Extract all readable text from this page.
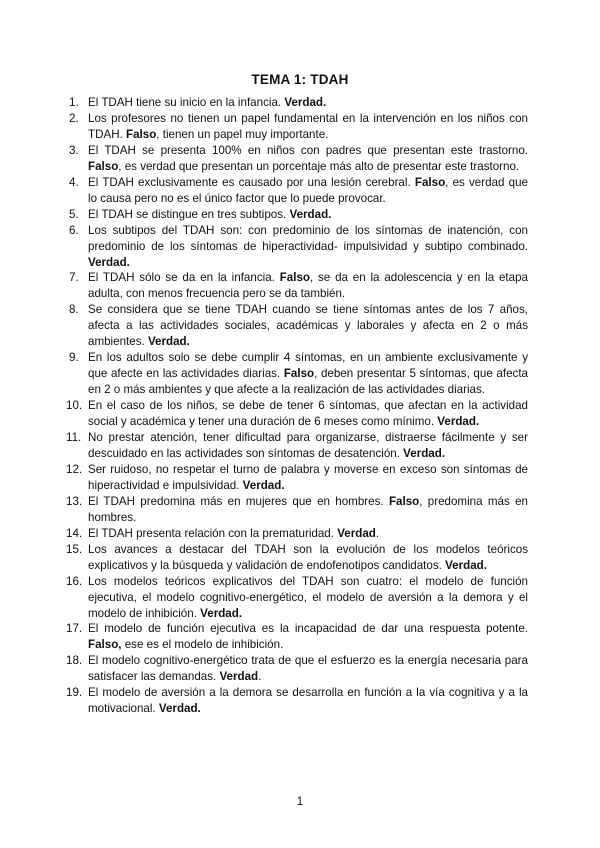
TEMA 1: TDAH
1. El TDAH tiene su inicio en la infancia. Verdad.
2. Los profesores no tienen un papel fundamental en la intervención en los niños con TDAH. Falso, tienen un papel muy importante.
3. El TDAH se presenta 100% en niños con padres que presentan este trastorno. Falso, es verdad que presentan un porcentaje más alto de presentar este trastorno.
4. El TDAH exclusivamente es causado por una lesión cerebral. Falso, es verdad que lo causa pero no es el único factor que lo puede provocar.
5. El TDAH se distingue en tres subtipos. Verdad.
6. Los subtipos del TDAH son: con predominio de los síntomas de inatención, con predominio de los síntomas de hiperactividad- impulsividad y subtipo combinado. Verdad.
7. El TDAH sólo se da en la infancia. Falso, se da en la adolescencia y en la etapa adulta, con menos frecuencia pero se da también.
8. Se considera que se tiene TDAH cuando se tiene síntomas antes de los 7 años, afecta a las actividades sociales, académicas y laborales y afecta en 2 o más ambientes. Verdad.
9. En los adultos solo se debe cumplir 4 síntomas, en un ambiente exclusivamente y que afecte en las actividades diarias. Falso, deben presentar 5 síntomas, que afecta en 2 o más ambientes y que afecte a la realización de las actividades diarias.
10. En el caso de los niños, se debe de tener 6 síntomas, que afectan en la actividad social y académica y tener una duración de 6 meses como mínimo. Verdad.
11. No prestar atención, tener dificultad para organizarse, distraerse fácilmente y ser descuidado en las actividades son síntomas de desatención. Verdad.
12. Ser ruidoso, no respetar el turno de palabra y moverse en exceso son síntomas de hiperactividad e impulsividad. Verdad.
13. El TDAH predomina más en mujeres que en hombres. Falso, predomina más en hombres.
14. El TDAH presenta relación con la prematuridad. Verdad.
15. Los avances a destacar del TDAH son la evolución de los modelos teóricos explicativos y la búsqueda y validación de endofenotipos candidatos. Verdad.
16. Los modelos teóricos explicativos del TDAH son cuatro: el modelo de función ejecutiva, el modelo cognitivo-energético, el modelo de aversión a la demora y el modelo de inhibición. Verdad.
17. El modelo de función ejecutiva es la incapacidad de dar una respuesta potente. Falso, ese es el modelo de inhibición.
18. El modelo cognitivo-energético trata de que el esfuerzo es la energía necesaria para satisfacer las demandas. Verdad.
19. El modelo de aversión a la demora se desarrolla en función a la vía cognitiva y a la motivacional. Verdad.
1
